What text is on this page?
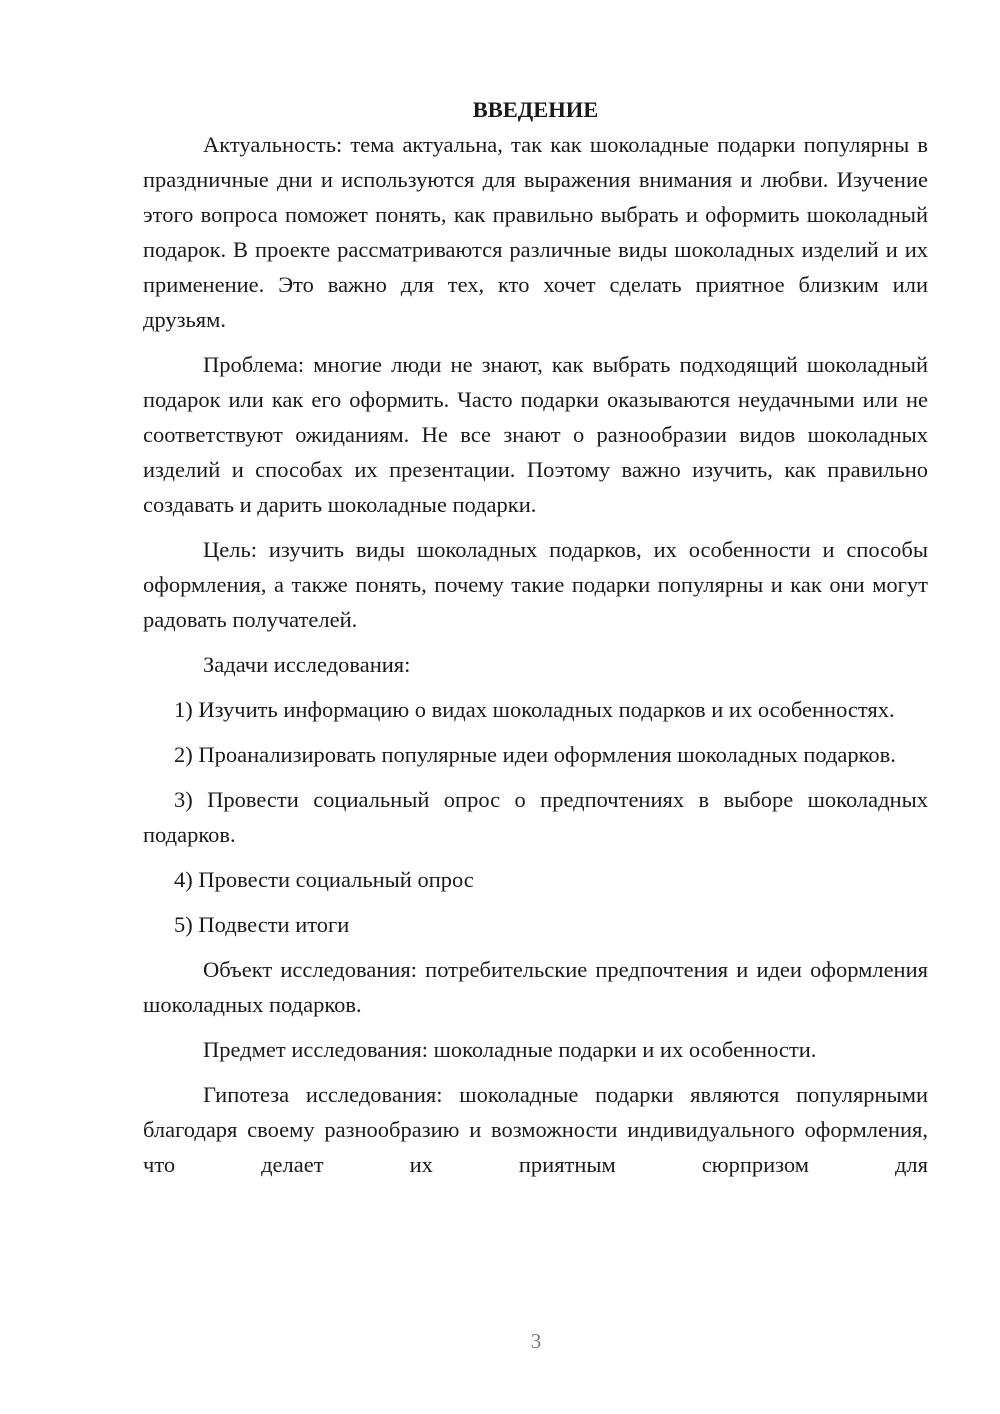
ВВЕДЕНИЕ

Актуальность: тема актуальна, так как шоколадные подарки популярны в праздничные дни и используются для выражения внимания и любви. Изучение этого вопроса поможет понять, как правильно выбрать и оформить шоколадный подарок. В проекте рассматриваются различные виды шоколадных изделий и их применение. Это важно для тех, кто хочет сделать приятное близким или друзьям.

Проблема: многие люди не знают, как выбрать подходящий шоколадный подарок или как его оформить. Часто подарки оказываются неудачными или не соответствуют ожиданиям. Не все знают о разнообразии видов шоколадных изделий и способах их презентации. Поэтому важно изучить, как правильно создавать и дарить шоколадные подарки.

Цель: изучить виды шоколадных подарков, их особенности и способы оформления, а также понять, почему такие подарки популярны и как они могут радовать получателей.

Задачи исследования:

1) Изучить информацию о видах шоколадных подарков и их особенностях.

2) Проанализировать популярные идеи оформления шоколадных подарков.

3) Провести социальный опрос о предпочтениях в выборе шоколадных подарков.

4) Провести социальный опрос

5) Подвести итоги

Объект исследования: потребительские предпочтения и идеи оформления шоколадных подарков.

Предмет исследования: шоколадные подарки и их особенности.

Гипотеза исследования: шоколадные подарки являются популярными благодаря своему разнообразию и возможности индивидуального оформления, что делает их приятным сюрпризом для

3
